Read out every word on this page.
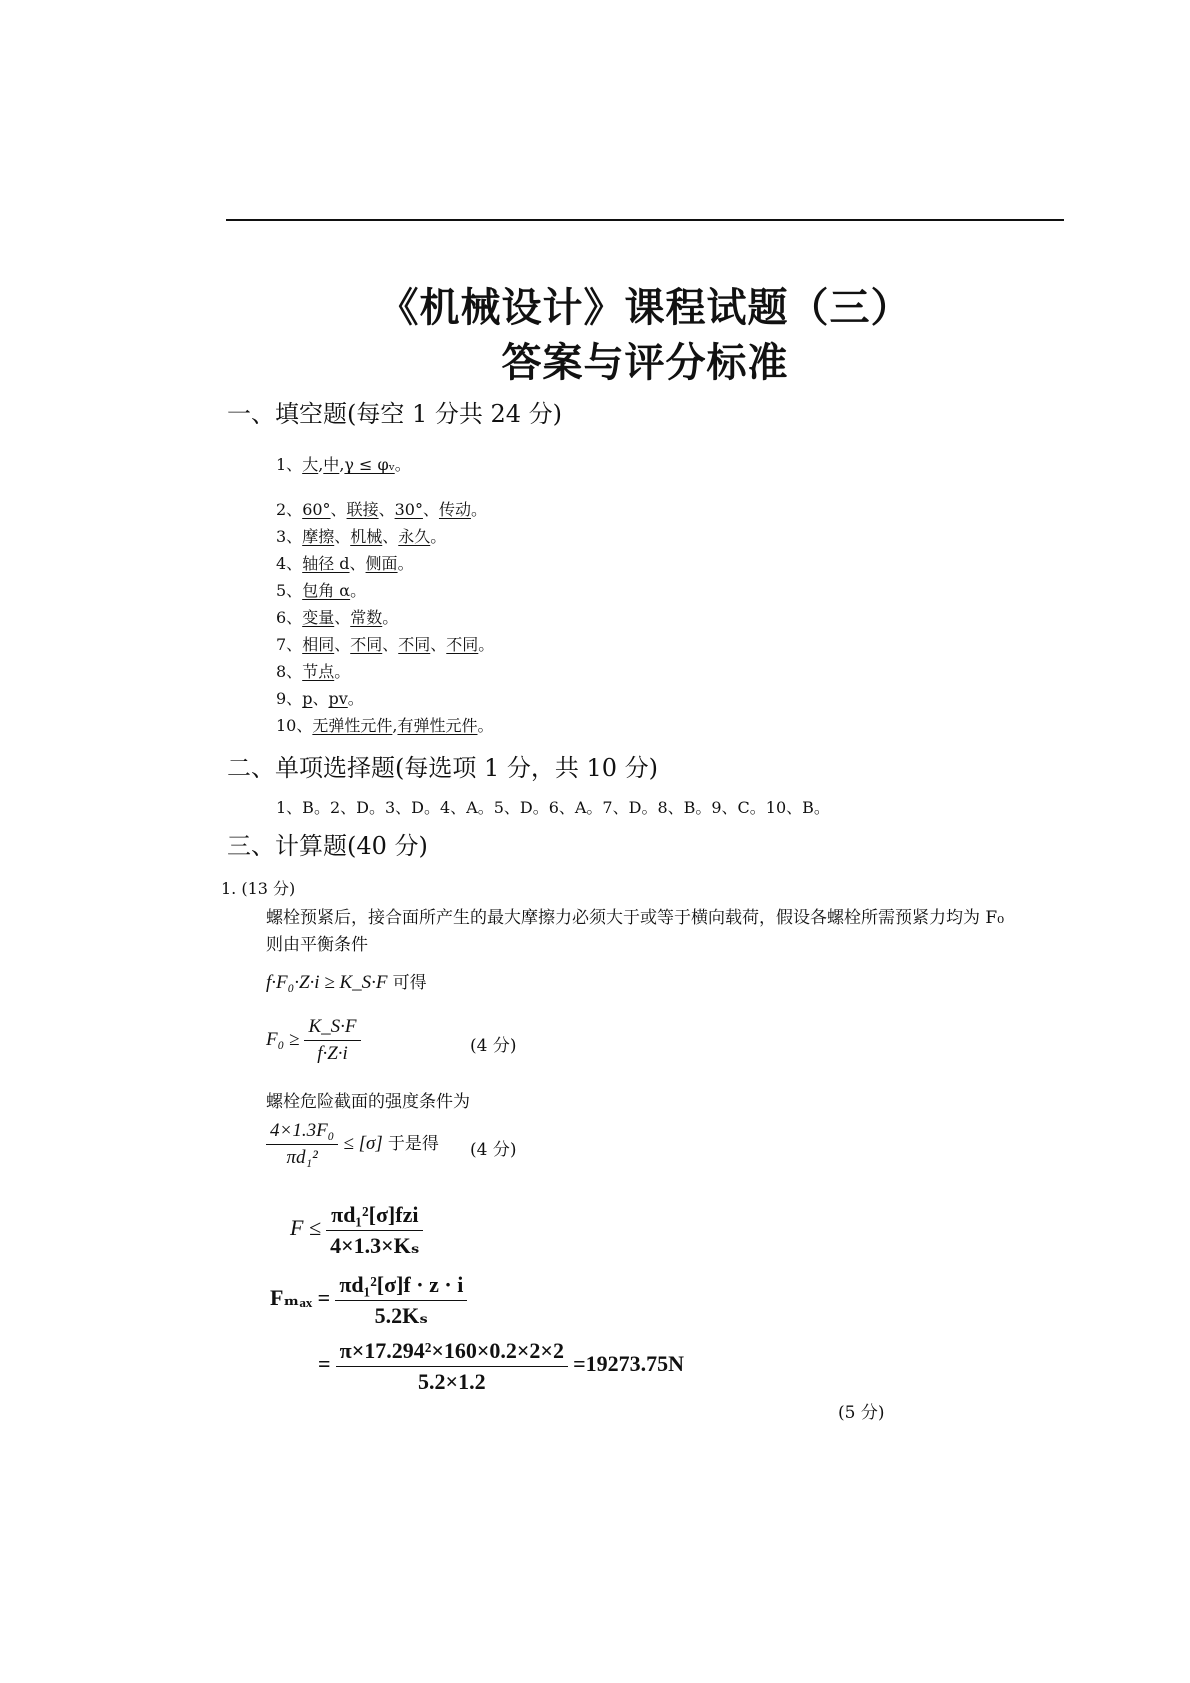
《机械设计》课程试题（三）
答案与评分标准
一、填空题(每空 1 分共 24 分)
1、大,中,γ ≤ φᵥ。
2、60°、联接、30°、传动。
3、摩擦、机械、永久。
4、轴径 d、侧面。
5、包角 α。
6、变量、常数。
7、相同、不同、不同、不同。
8、节点。
9、p、pv。
10、无弹性元件,有弹性元件。
二、单项选择题(每选项 1 分，共 10 分)
1、B。2、D。3、D。4、A。5、D。6、A。7、D。8、B。9、C。10、B。
三、计算题(40 分)
1. (13 分)
螺栓预紧后，接合面所产生的最大摩擦力必须大于或等于横向载荷，假设各螺栓所需预紧力均为 F₀
则由平衡条件
f·F₀·Z·i ≥ K_S·F 可得
$F_0 \ge \frac{K\_S\cdot F}{f\cdot Z\cdot i}$	(4 分)
螺栓危险截面的强度条件为
$\frac{\text{4×1.3F₀}}{\text{πd₁²}} \le [\sigma]$ 于是得 (4 分)
$F \le \frac{\text{πd₁²[σ]fzi}}{\text{4×1.3×Kₛ}}$
$F_{max} = \frac{\text{πd₁²[σ]f · z · i}}{\text{5.2Kₛ}}$
= $\frac{\text{π×17.294²×160×0.2×2×2}}{5.2\times 1.2} =19273.75N$
(5 分)
